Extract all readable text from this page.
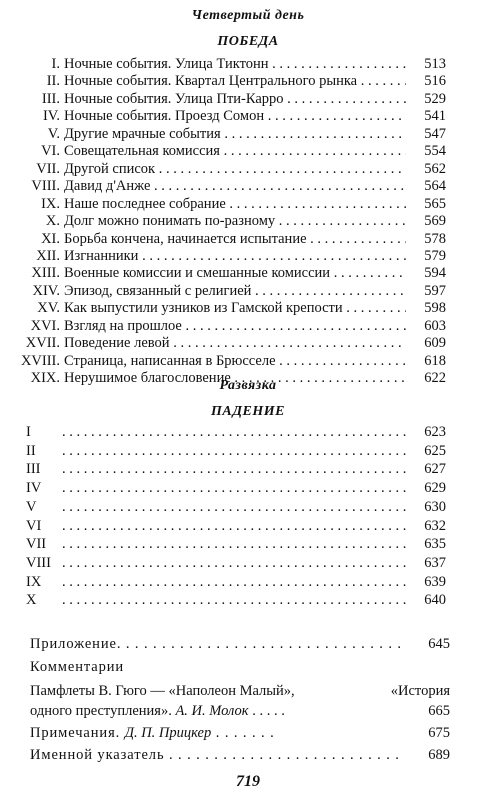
Четвертый день
ПОБЕДА
I. Ночные события. Улица Тиктонн . . .	513
II. Ночные события. Квартал Центрального рынка . . .	516
III. Ночные события. Улица Пти-Карро . . .	529
IV. Ночные события. Проезд Сомон . . .	541
V. Другие мрачные события . . .	547
VI. Совещательная комиссия . . .	554
VII. Другой список . . .	562
VIII. Давид д'Анже . . .	564
IX. Наше последнее собрание . . .	565
X. Долг можно понимать по-разному . . .	569
XI. Борьба кончена, начинается испытание . . .	578
XII. Изгнанники . . .	579
XIII. Военные комиссии и смешанные комиссии . . .	594
XIV. Эпизод, связанный с религией . . .	597
XV. Как выпустили узников из Гамской крепости . . .	598
XVI. Взгляд на прошлое . . .	603
XVII. Поведение левой . . .	609
XVIII. Страница, написанная в Брюсселе . . .	618
XIX. Нерушимое благословение . . .	622
Развязка
ПАДЕНИЕ
I . . .	623
II . . .	625
III . . .	627
IV . . .	629
V . . .	630
VI . . .	632
VII . . .	635
VIII . . .	637
IX . . .	639
X . . .	640
Приложение. . . .	645
Комментарии
Памфлеты В. Гюго — «Наполеон Малый»,	«История
одного преступления». А. И. Молок . . . . .	665
Примечания. Д. П. Прицкер . . . . . . .	675
Именной указатель . . .	689
719
